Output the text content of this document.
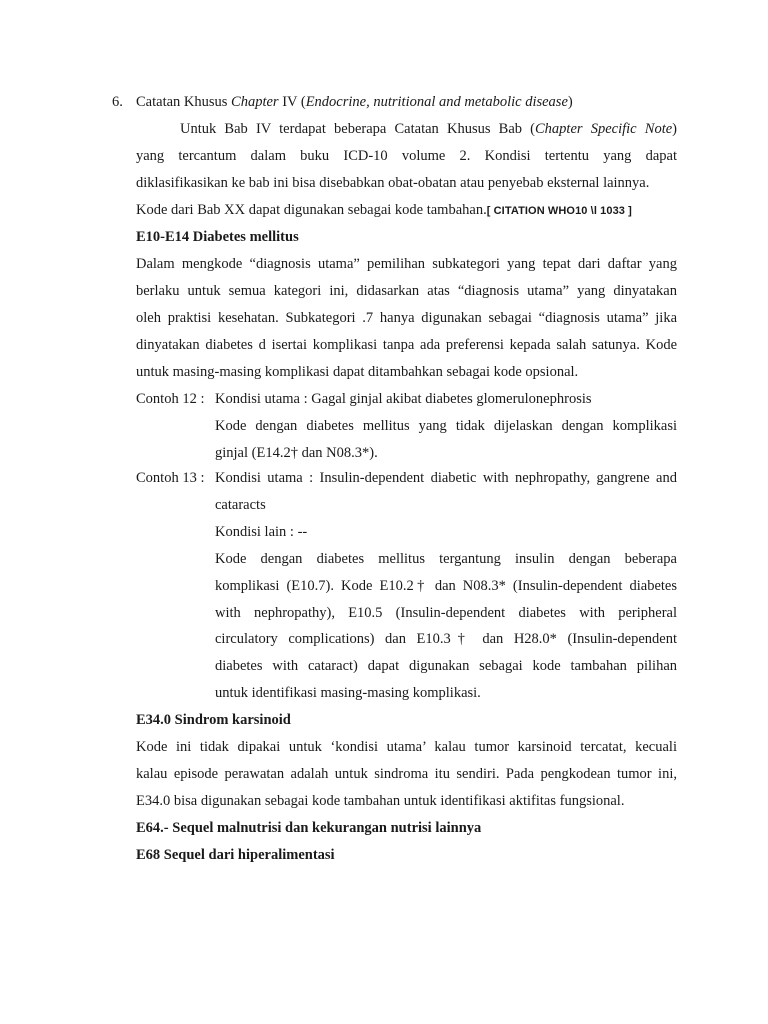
6. Catatan Khusus Chapter IV (Endocrine, nutritional and metabolic disease)
Untuk Bab IV terdapat beberapa Catatan Khusus Bab (Chapter Specific Note)
yang tercantum dalam buku ICD-10 volume 2. Kondisi tertentu yang dapat
diklasifikasikan ke bab ini bisa disebabkan obat-obatan atau penyebab eksternal lainnya.
Kode dari Bab XX dapat digunakan sebagai kode tambahan.[ CITATION WHO10 \l 1033 ]
E10-E14 Diabetes mellitus
Dalam mengkode “diagnosis utama” pemilihan subkategori yang tepat dari daftar yang
berlaku untuk semua kategori ini, didasarkan atas “diagnosis utama” yang dinyatakan
oleh praktisi kesehatan. Subkategori .7 hanya digunakan sebagai “diagnosis utama” jika
dinyatakan diabetes d isertai komplikasi tanpa ada preferensi kepada salah satunya. Kode
untuk masing-masing komplikasi dapat ditambahkan sebagai kode opsional.
Contoh 12 : Kondisi utama : Gagal ginjal akibat diabetes glomerulonephrosis
Kode dengan diabetes mellitus yang tidak dijelaskan dengan komplikasi
ginjal (E14.2† dan N08.3*).
Contoh 13 : Kondisi utama : Insulin-dependent diabetic with nephropathy, gangrene and
cataracts
Kondisi lain : --
Kode dengan diabetes mellitus tergantung insulin dengan beberapa
komplikasi (E10.7). Kode E10.2† dan N08.3* (Insulin-dependent diabetes
with nephropathy), E10.5 (Insulin-dependent diabetes with peripheral
circulatory complications) dan E10.3† dan H28.0* (Insulin-dependent
diabetes with cataract) dapat digunakan sebagai kode tambahan pilihan
untuk identifikasi masing-masing komplikasi.
E34.0 Sindrom karsinoid
Kode ini tidak dipakai untuk ‘kondisi utama’ kalau tumor karsinoid tercatat, kecuali
kalau episode perawatan adalah untuk sindroma itu sendiri. Pada pengkodean tumor ini,
E34.0 bisa digunakan sebagai kode tambahan untuk identifikasi aktifitas fungsional.
E64.- Sequel malnutrisi dan kekurangan nutrisi lainnya
E68 Sequel dari hiperalimentasi
